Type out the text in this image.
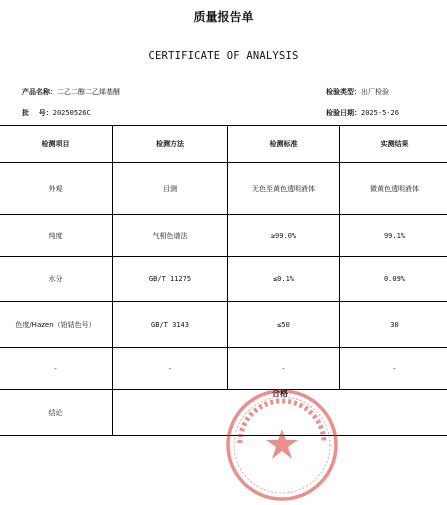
质量报告单
CERTIFICATE OF ANALYSIS
产品名称：二乙二醇二乙烯基醚	检验类型：出厂检验
批    号：20250526C	检验日期：2025-5-26
检测项目	检测方法	检测标准	实测结果
外观	目测	无色至黄色透明液体	微黄色透明液体
纯度	气相色谱法	≥99.0%	99.1%
水分	GB/T 11275	≤0.1%	0.09%
色度/Hazen（铂钴色号）	GB/T 3143	≤50	30
-	-	-	-
结论			
合格
